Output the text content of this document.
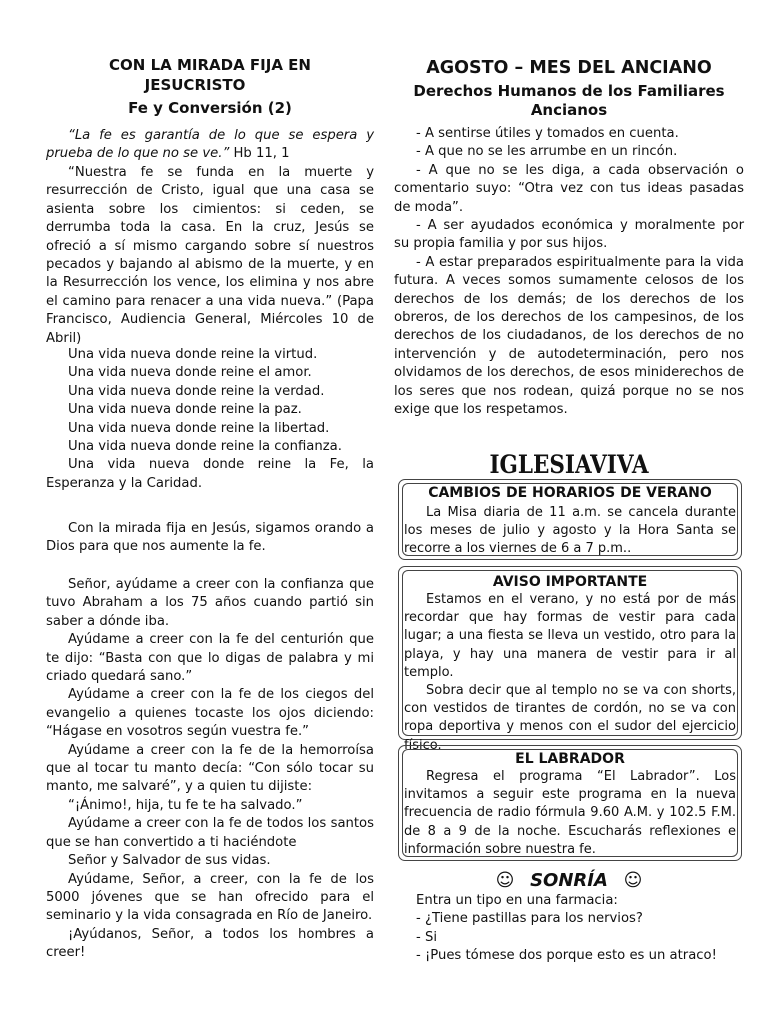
CON LA MIRADA FIJA EN

JESUCRISTO

Fe y Conversión (2)

“La fe es garantía de lo que se espera y prueba de lo que no se ve.” Hb 11, 1

“Nuestra fe se funda en la muerte y resurrección de Cristo, igual que una casa se asienta sobre los cimientos: si ceden, se derrumba toda la casa. En la cruz, Jesús se ofreció a sí mismo cargando sobre sí nuestros pecados y bajando al abismo de la muerte, y en la Resurrección los vence, los elimina y nos abre el camino para renacer a una vida nueva.” (Papa Francisco, Audiencia General, Miércoles 10 de Abril)

Una vida nueva donde reine la virtud.

Una vida nueva donde reine el amor.

Una vida nueva donde reine la verdad.

Una vida nueva donde reine la paz.

Una vida nueva donde reine la libertad.

Una vida nueva donde reine la confianza.

Una vida nueva donde reine la Fe, la Esperanza y la Caridad.

Con la mirada fija en Jesús, sigamos orando a Dios para que nos aumente la fe.

Señor, ayúdame a creer con la confianza que tuvo Abraham a los 75 años cuando partió sin saber a dónde iba.

Ayúdame a creer con la fe del centurión que te dijo: “Basta con que lo digas de palabra y mi criado quedará sano.”

Ayúdame a creer con la fe de los ciegos del evangelio a quienes tocaste los ojos diciendo: “Hágase en vosotros según vuestra fe.”

Ayúdame a creer con la fe de la hemorroísa que al tocar tu manto decía: “Con sólo tocar su manto, me salvaré”, y a quien tu dijiste:

“¡Ánimo!, hija, tu fe te ha salvado.”

Ayúdame a creer con la fe de todos los santos que se han convertido a ti haciéndote

Señor y Salvador de sus vidas.

Ayúdame, Señor, a creer, con la fe de los 5000 jóvenes que se han ofrecido para el seminario y la vida consagrada en Río de Janeiro.

¡Ayúdanos, Señor, a todos los hombres a creer!

AGOSTO – MES DEL ANCIANO

Derechos Humanos de los Familiares

Ancianos

- A sentirse útiles y tomados en cuenta.

- A que no se les arrumbe en un rincón.

- A que no se les diga, a cada observación o comentario suyo: “Otra vez con tus ideas pasadas de moda”.

- A ser ayudados económica y moralmente por su propia familia y por sus hijos.

- A estar preparados espiritualmente para la vida futura. A veces somos sumamente celosos de los derechos de los demás; de los derechos de los obreros, de los derechos de los campesinos, de los derechos de los ciudadanos, de los derechos de no intervención y de autodeterminación, pero nos olvidamos de los derechos, de esos miniderechos de los seres que nos rodean, quizá porque no se nos exige que los respetamos.

IGLESIAVIVA

CAMBIOS DE HORARIOS DE VERANO

La Misa diaria de 11 a.m. se cancela durante los meses de julio y agosto y la Hora Santa se recorre a los viernes de 6 a 7 p.m..

AVISO IMPORTANTE

Estamos en el verano, y no está por de más recordar que hay formas de vestir para cada lugar; a una fiesta se lleva un vestido, otro para la playa, y hay una manera de vestir para ir al templo.

Sobra decir que al templo no se va con shorts, con vestidos de tirantes de cordón, no se va con ropa deportiva y menos con el sudor del ejercicio físico.

EL LABRADOR

Regresa el programa “El Labrador”. Los invitamos a seguir este programa en la nueva frecuencia de radio fórmula 9.60 A.M. y 102.5 F.M. de 8 a 9 de la noche. Escucharás reflexiones e información sobre nuestra fe.

☺ SONRÍA ☺

Entra un tipo en una farmacia:

- ¿Tiene pastillas para los nervios?

- Si

- ¡Pues tómese dos porque esto es un atraco!
